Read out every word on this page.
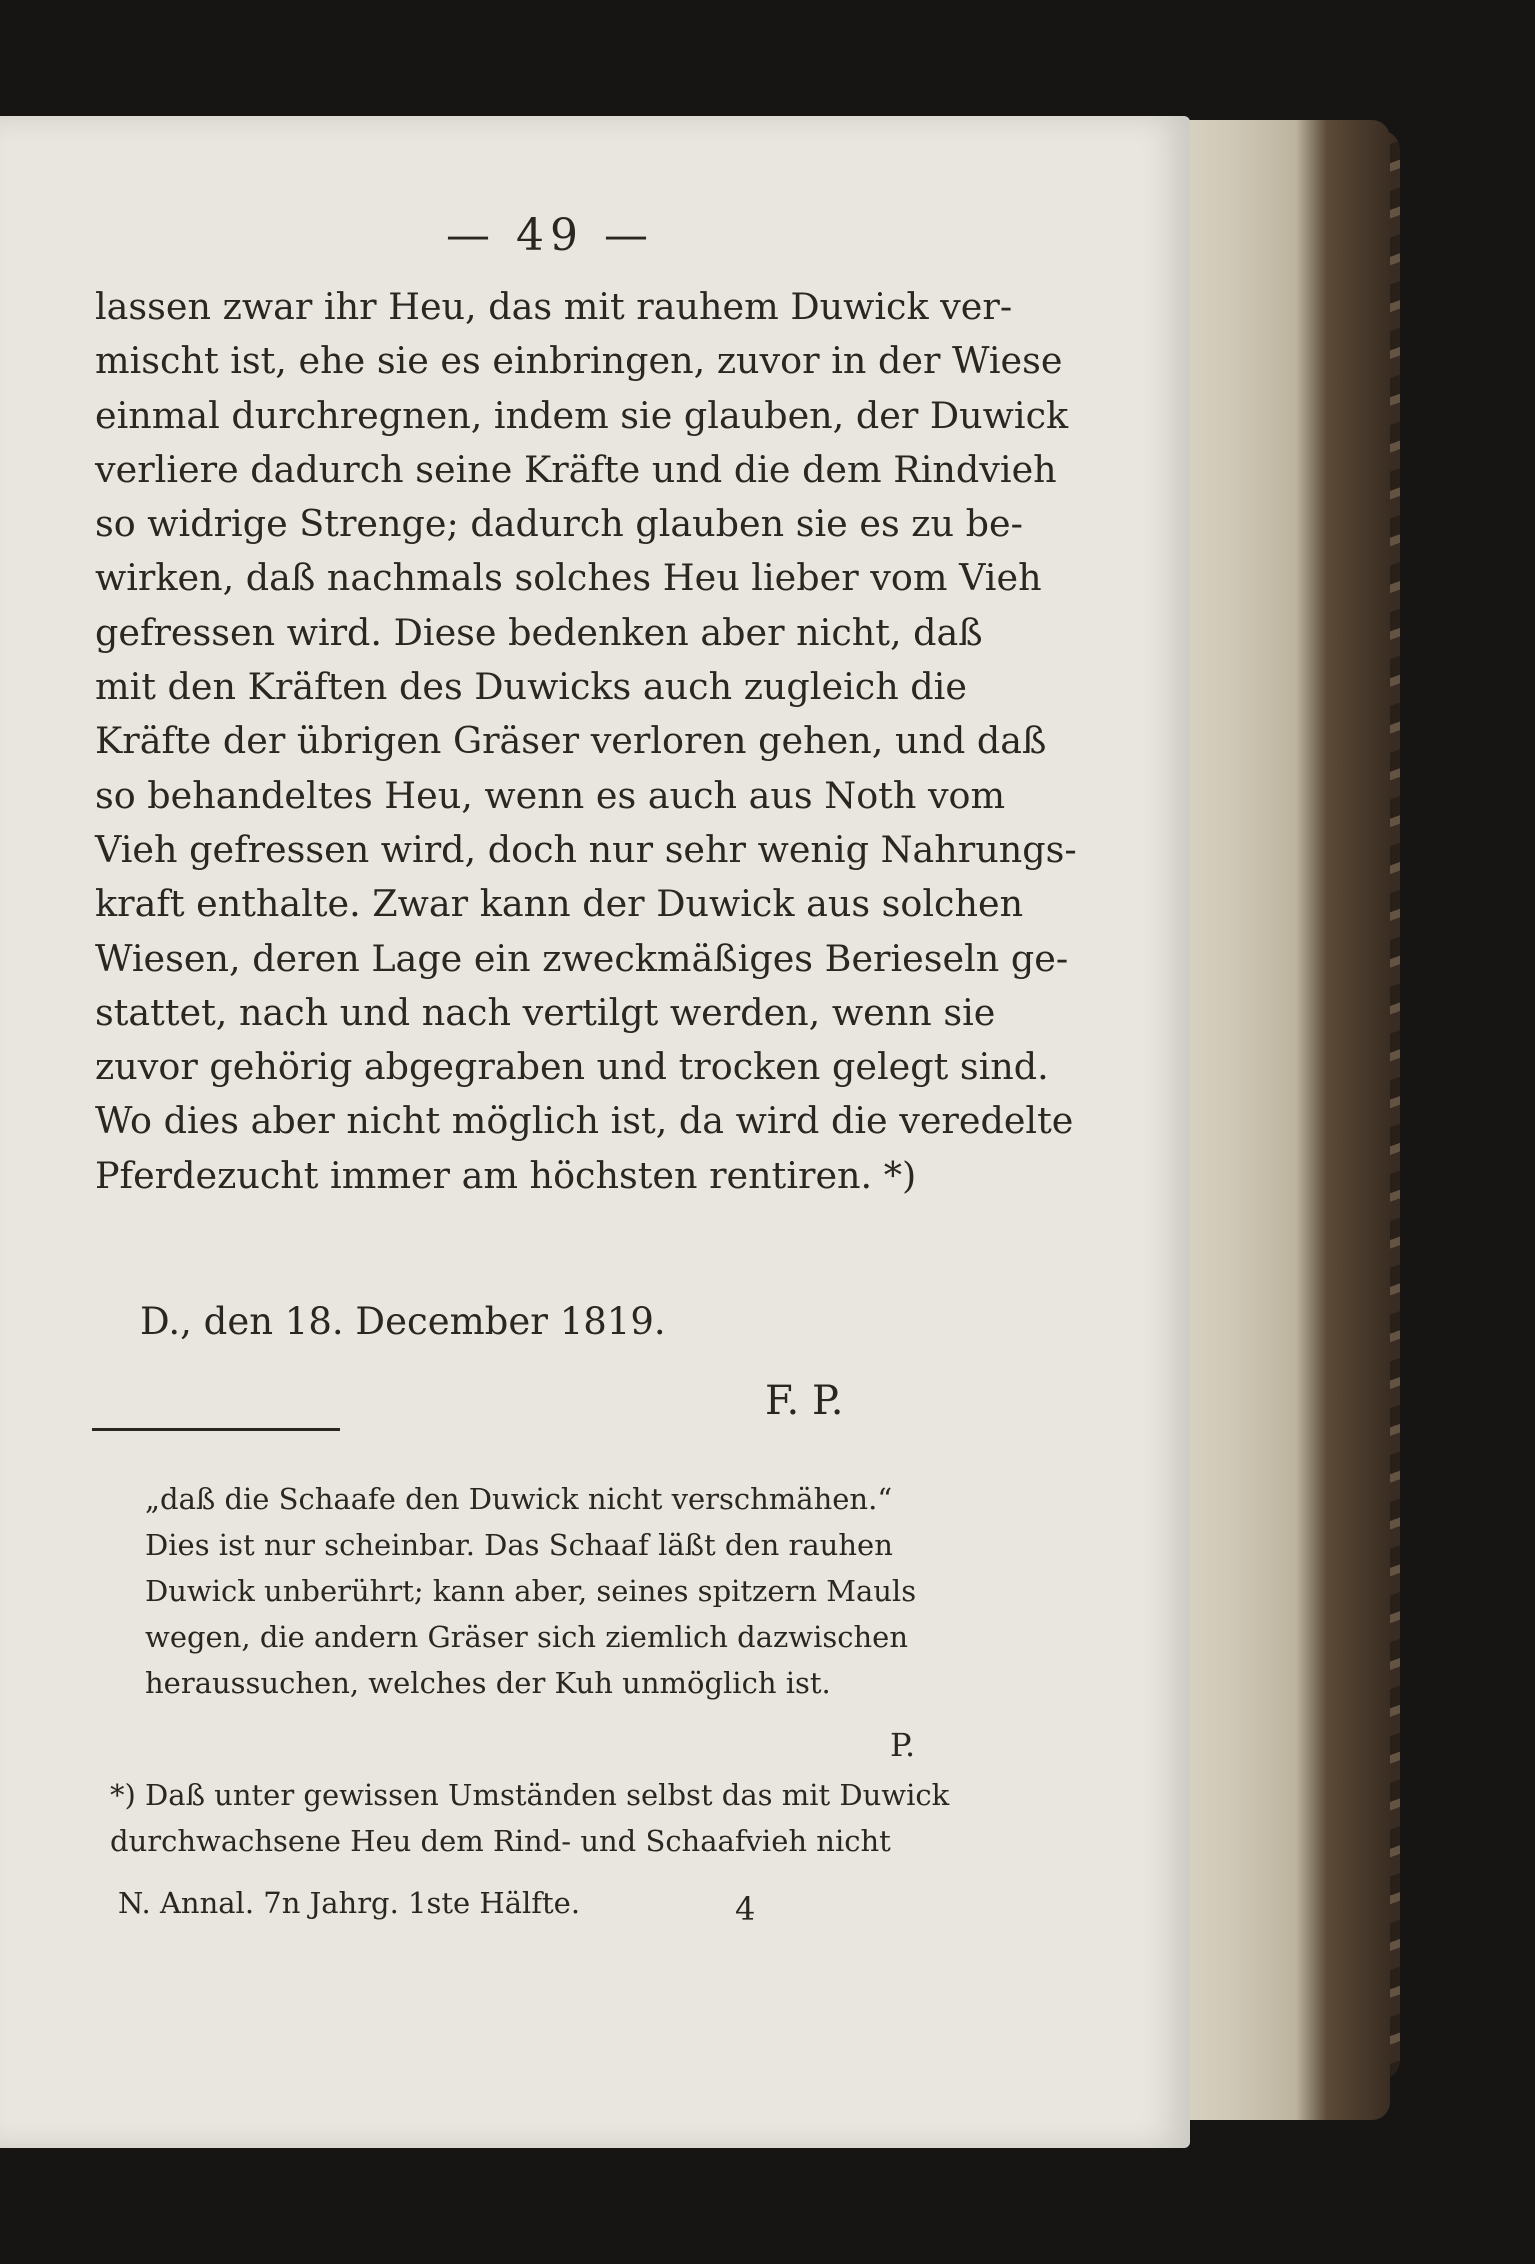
— 49 —
lassen zwar ihr Heu, das mit rauhem Duwick ver-
mischt ist, ehe sie es einbringen, zuvor in der Wiese
einmal durchregnen, indem sie glauben, der Duwick
verliere dadurch seine Kräfte und die dem Rindvieh
so widrige Strenge; dadurch glauben sie es zu be-
wirken, daß nachmals solches Heu lieber vom Vieh
gefressen wird. Diese bedenken aber nicht, daß
mit den Kräften des Duwicks auch zugleich die
Kräfte der übrigen Gräser verloren gehen, und daß
so behandeltes Heu, wenn es auch aus Noth vom
Vieh gefressen wird, doch nur sehr wenig Nahrungs-
kraft enthalte. Zwar kann der Duwick aus solchen
Wiesen, deren Lage ein zweckmäßiges Berieseln ge-
stattet, nach und nach vertilgt werden, wenn sie
zuvor gehörig abgegraben und trocken gelegt sind.
Wo dies aber nicht möglich ist, da wird die veredelte
Pferdezucht immer am höchsten rentiren. *)
D., den 18. December 1819.
F. P.
„daß die Schaafe den Duwick nicht verschmähen.“
Dies ist nur scheinbar. Das Schaaf läßt den rauhen
Duwick unberührt; kann aber, seines spitzern Mauls
wegen, die andern Gräser sich ziemlich dazwischen
heraussuchen, welches der Kuh unmöglich ist.
P.
*) Daß unter gewissen Umständen selbst das mit Duwick
durchwachsene Heu dem Rind- und Schaafvieh nicht
N. Annal. 7n Jahrg. 1ste Hälfte.	4
